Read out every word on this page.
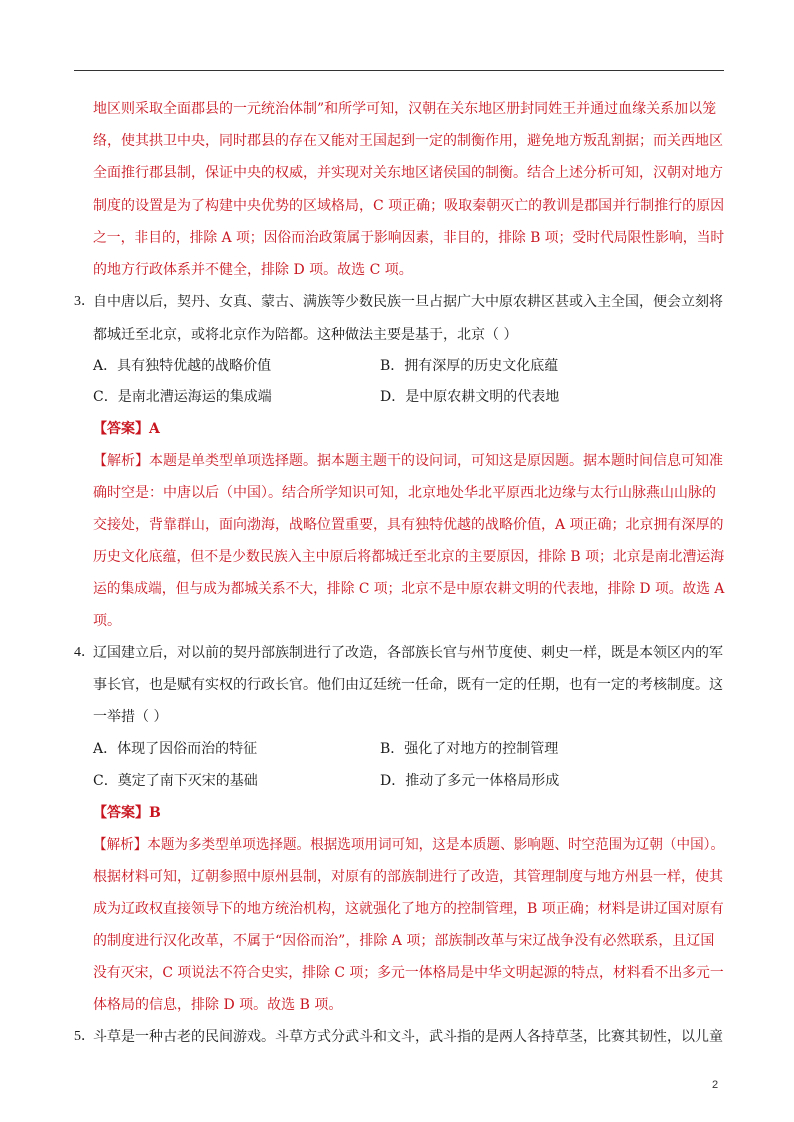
地区则采取全面郡县的一元统治体制”和所学可知，汉朝在关东地区册封同姓王并通过血缘关系加以笼
络，使其拱卫中央，同时郡县的存在又能对王国起到一定的制衡作用，避免地方叛乱割据；而关西地区
全面推行郡县制，保证中央的权威，并实现对关东地区诸侯国的制衡。结合上述分析可知，汉朝对地方
制度的设置是为了构建中央优势的区域格局，C 项正确；吸取秦朝灭亡的教训是郡国并行制推行的原因
之一，非目的，排除 A 项；因俗而治政策属于影响因素，非目的，排除 B 项；受时代局限性影响，当时
的地方行政体系并不健全，排除 D 项。故选 C 项。
3．
自中唐以后，契丹、女真、蒙古、满族等少数民族一旦占据广大中原农耕区甚或入主全国，便会立刻将
都城迁至北京，或将北京作为陪都。这种做法主要是基于，北京（ ）
A．具有独特优越的战略价值	B．拥有深厚的历史文化底蕴
C．是南北漕运海运的集成端	D．是中原农耕文明的代表地
【答案】A
【解析】本题是单类型单项选择题。据本题主题干的设问词，可知这是原因题。据本题时间信息可知准
确时空是：中唐以后（中国）。结合所学知识可知，北京地处华北平原西北边缘与太行山脉燕山山脉的
交接处，背靠群山，面向渤海，战略位置重要，具有独特优越的战略价值，A 项正确；北京拥有深厚的
历史文化底蕴，但不是少数民族入主中原后将都城迁至北京的主要原因，排除 B 项；北京是南北漕运海
运的集成端，但与成为都城关系不大，排除 C 项；北京不是中原农耕文明的代表地，排除 D 项。故选 A
项。
4．
辽国建立后，对以前的契丹部族制进行了改造，各部族长官与州节度使、刺史一样，既是本领区内的军
事长官，也是赋有实权的行政长官。他们由辽廷统一任命，既有一定的任期，也有一定的考核制度。这
一举措（ ）
A．体现了因俗而治的特征	B．强化了对地方的控制管理
C．奠定了南下灭宋的基础	D．推动了多元一体格局形成
【答案】B
【解析】本题为多类型单项选择题。根据选项用词可知，这是本质题、影响题、时空范围为辽朝（中国）。
根据材料可知，辽朝参照中原州县制，对原有的部族制进行了改造，其管理制度与地方州县一样，使其
成为辽政权直接领导下的地方统治机构，这就强化了地方的控制管理，B 项正确；材料是讲辽国对原有
的制度进行汉化改革，不属于“因俗而治”，排除 A 项；部族制改革与宋辽战争没有必然联系，且辽国
没有灭宋，C 项说法不符合史实，排除 C 项；多元一体格局是中华文明起源的特点，材料看不出多元一
体格局的信息，排除 D 项。故选 B 项。
5．
斗草是一种古老的民间游戏。斗草方式分武斗和文斗，武斗指的是两人各持草茎，比赛其韧性，以儿童
2
